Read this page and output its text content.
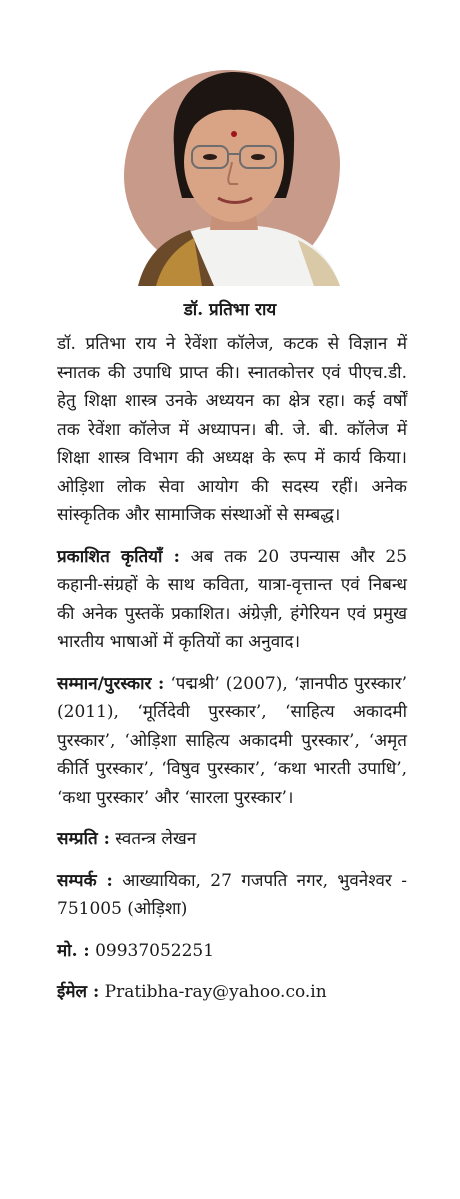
डॉ. प्रतिभा राय

डॉ. प्रतिभा राय ने रेवेंशा कॉलेज, कटक से विज्ञान में स्नातक की उपाधि प्राप्त की। स्नातकोत्तर एवं पीएच.डी. हेतु शिक्षा शास्त्र उनके अध्ययन का क्षेत्र रहा। कई वर्षों तक रेवेंशा कॉलेज में अध्यापन। बी. जे. बी. कॉलेज में शिक्षा शास्त्र विभाग की अध्यक्ष के रूप में कार्य किया। ओड़िशा लोक सेवा आयोग की सदस्य रहीं। अनेक सांस्कृतिक और सामाजिक संस्थाओं से सम्बद्ध।

प्रकाशित कृतियाँ : अब तक 20 उपन्यास और 25 कहानी-संग्रहों के साथ कविता, यात्रा-वृत्तान्त एवं निबन्ध की अनेक पुस्तकें प्रकाशित। अंग्रेज़ी, हंगेरियन एवं प्रमुख भारतीय भाषाओं में कृतियों का अनुवाद।

सम्मान/पुरस्कार : ‘पद्मश्री’ (2007), ‘ज्ञानपीठ पुरस्कार’ (2011), ‘मूर्तिदेवी पुरस्कार’, ‘साहित्य अकादमी पुरस्कार’, ‘ओड़िशा साहित्य अकादमी पुरस्कार’, ‘अमृत कीर्ति पुरस्कार’, ‘विषुव पुरस्कार’, ‘कथा भारती उपाधि’, ‘कथा पुरस्कार’ और ‘सारला पुरस्कार’।

सम्प्रति : स्वतन्त्र लेखन

सम्पर्क : आख्यायिका, 27 गजपति नगर, भुवनेश्वर - 751005 (ओड़िशा)

मो. : 09937052251

ईमेल : Pratibha-ray@yahoo.co.in
